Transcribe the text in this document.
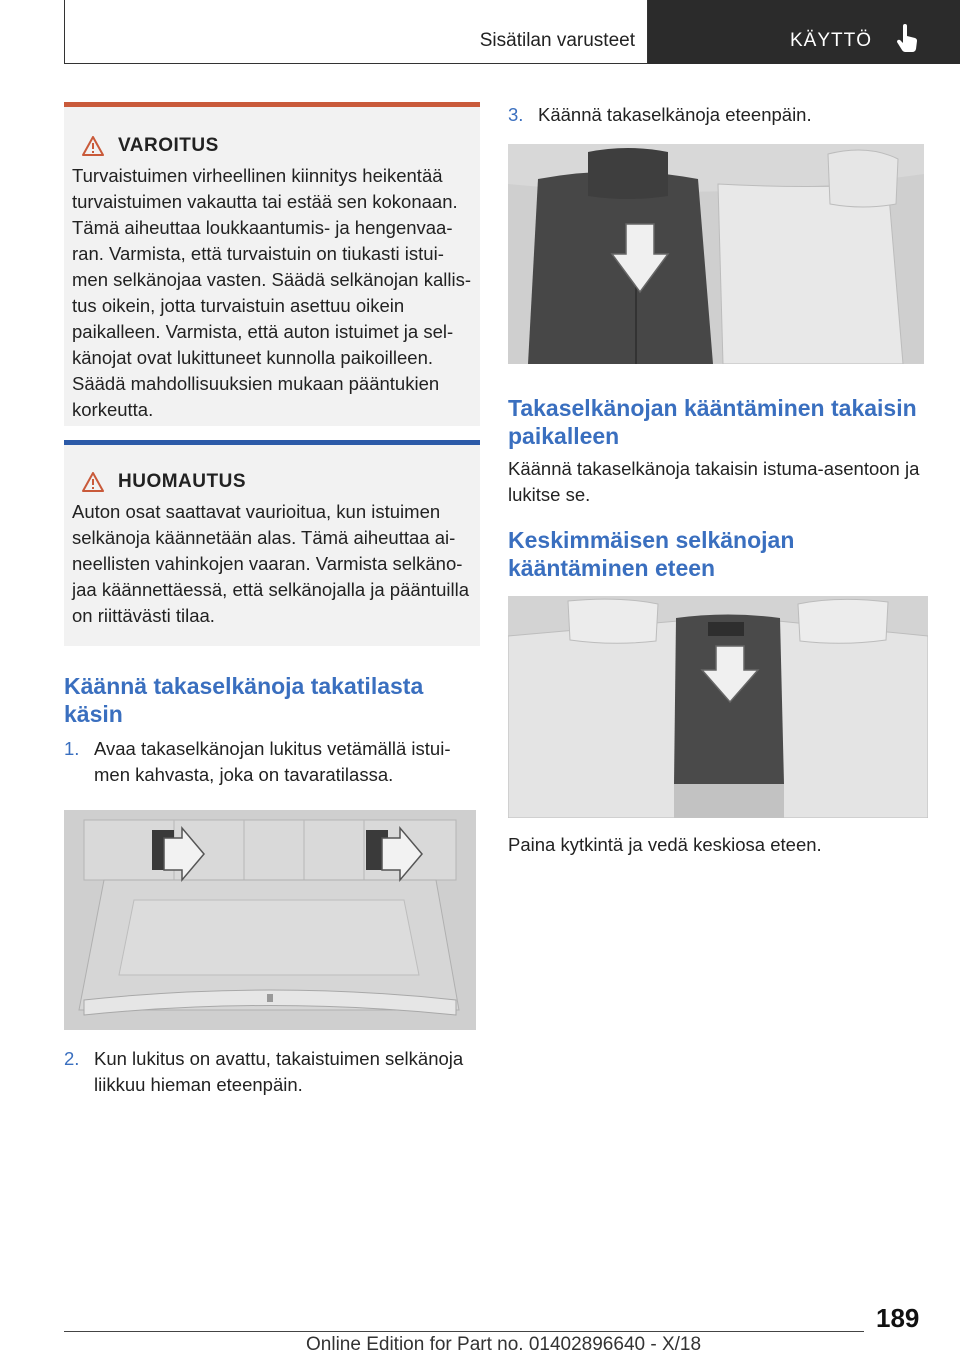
Sisätilan varusteet	KÄYTTÖ
VAROITUS
Turvaistuimen virheellinen kiinnitys heikentää turvaistuimen vakautta tai estää sen kokonaan. Tämä aiheuttaa loukkaantumis- ja hengenvaaran. Varmista, että turvaistuin on tiukasti istuimen selkänojaa vasten. Säädä selkänojan kallistus oikein, jotta turvaistuin asettuu oikein paikalleen. Varmista, että auton istuimet ja selkänojat ovat lukittuneet kunnolla paikoilleen. Säädä mahdollisuuksien mukaan pääntukien korkeutta.
HUOMAUTUS
Auton osat saattavat vaurioitua, kun istuimen selkänoja käännetään alas. Tämä aiheuttaa aineellisten vahinkojen vaaran. Varmista selkänojaa käännettäessä, että selkänojalla ja pääntuilla on riittävästi tilaa.
Käännä takaselkänoja takatilasta käsin
1. Avaa takaselkänojan lukitus vetämällä istuimen kahvasta, joka on tavaratilassa.
2. Kun lukitus on avattu, takaistuimen selkänoja liikkuu hieman eteenpäin.
3. Käännä takaselkänoja eteenpäin.
Takaselkänojan kääntäminen takaisin paikalleen
Käännä takaselkänoja takaisin istuma-asentoon ja lukitse se.
Keskimmäisen selkänojan kääntäminen eteen
Paina kytkintä ja vedä keskiosa eteen.
189
Online Edition for Part no. 01402896640 - X/18
